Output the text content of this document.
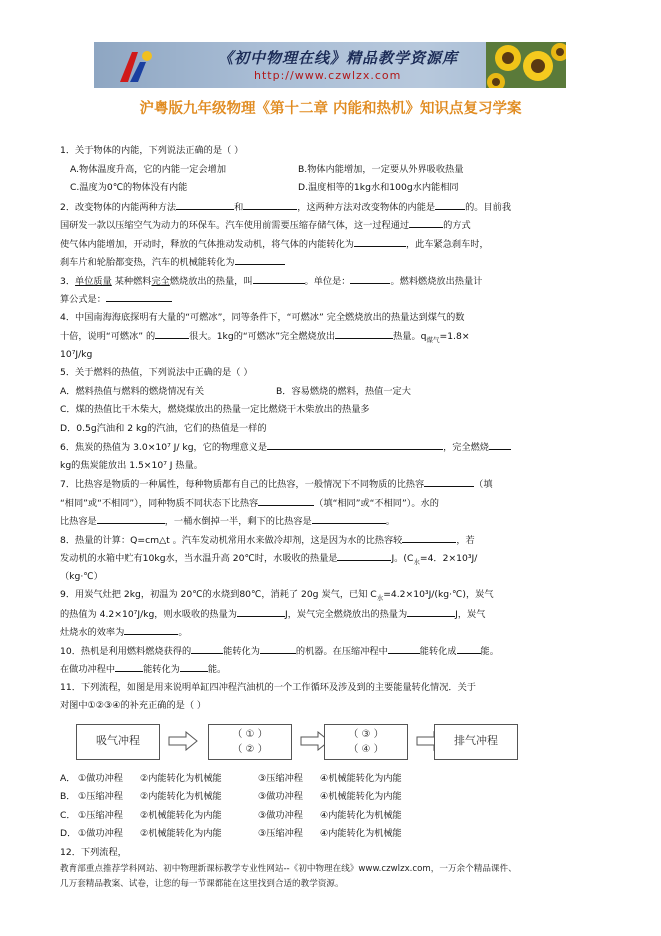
《初中物理在线》精品教学资源库
http://www.czwlzx.com
沪粤版九年级物理《第十二章 内能和热机》知识点复习学案
1．关于物体的内能，下列说法正确的是（ ）
A.物体温度升高，它的内能一定会增加	B.物体内能增加，一定要从外界吸收热量
C.温度为0℃的物体没有内能	D.温度相等的1kg水和100g水内能相同
2．改变物体的内能两种方法	和	，这两种方法对改变物体的内能是	的。目前我
国研发一款以压缩空气为动力的环保车。汽车使用前需要压缩存储气体，这一过程通过	的方式
使气体内能增加，开动时，释放的气体推动发动机，将气体的内能转化为	，此车紧急刹车时，
刹车片和轮胎都变热，汽车的机械能转化为
3．单位质量 某种燃料完全燃烧放出的热量，叫	。单位是：	。燃料燃烧放出热量计
算公式是：
4．中国南海海底探明有大量的“可燃冰”，同等条件下，“可燃冰” 完全燃烧放出的热量达到煤气的数
十倍，说明“可燃冰” 的	很大。1kg的“可燃冰”完全燃烧放出	热量。$q_{煤气}=1.8\times$
10⁷J/kg
5．关于燃料的热值，下列说法中正确的是（ ）
A．燃料热值与燃料的燃烧情况有关	B．容易燃烧的燃料，热值一定大
C．煤的热值比干木柴大，燃烧煤放出的热量一定比燃烧干木柴放出的热量多
D．0.5g汽油和 2 kg的汽油，它们的热值是一样的
6．焦炭的热值为 3.0×10⁷ J/ kg，它的物理意义是	，完全燃烧
kg的焦炭能放出 1.5×10⁷ J 热量。
7．比热容是物质的一种属性，每种物质都有自己的比热容，一般情况下不同物质的比热容	（填
“相同”或“不相同”），同种物质不同状态下比热容	（填“相同”或“不相同”）。水的
比热容是	，一桶水倒掉一半，剩下的比热容是	。
8．热量的计算：Q=cm△t 。汽车发动机常用水来做冷却剂，这是因为水的比热容较	，若
发动机的水箱中贮有10kg水，当水温升高 20℃时，水吸收的热量是	J。($C_水=4$．2×10³J/
（kg·℃）
9．用炭气灶把 2kg，初温为 20℃的水烧到80℃，消耗了 20g 炭气，已知 $C_水=4.2\times 10^3J/(kg\cdot℃)$，炭气
的热值为 4.2×10⁷J/kg，则水吸收的热量为	J，炭气完全燃烧放出的热量为	J，炭气
灶烧水的效率为	。
10．热机是利用燃料燃烧获得的	能转化为	的机器。在压缩冲程中	能转化成	能。
在做功冲程中	能转化为	能。
11．下列流程，如图是用来说明单缸四冲程汽油机的一个工作循环及涉及到的主要能量转化情况．关于
对图中①②③④的补充正确的是（ ）
吸气冲程
（ ① ）
（ ② ）
（ ③ ）
（ ④ ）
排气冲程
A． ①做功冲程	②内能转化为机械能	③压缩冲程	④机械能转化为内能
B． ①压缩冲程	②内能转化为机械能	③做功冲程	④机械能转化为内能
C． ①压缩冲程	②机械能转化为内能	③做功冲程	④内能转化为机械能
D． ①做功冲程	②机械能转化为内能	③压缩冲程	④内能转化为机械能
12．下列流程，
教育部重点推荐学科网站、初中物理新课标教学专业性网站--《初中物理在线》www.czwlzx.com，一万余个精品课件、
几万套精品教案、试卷，让您的每一节课都能在这里找到合适的教学资源。
